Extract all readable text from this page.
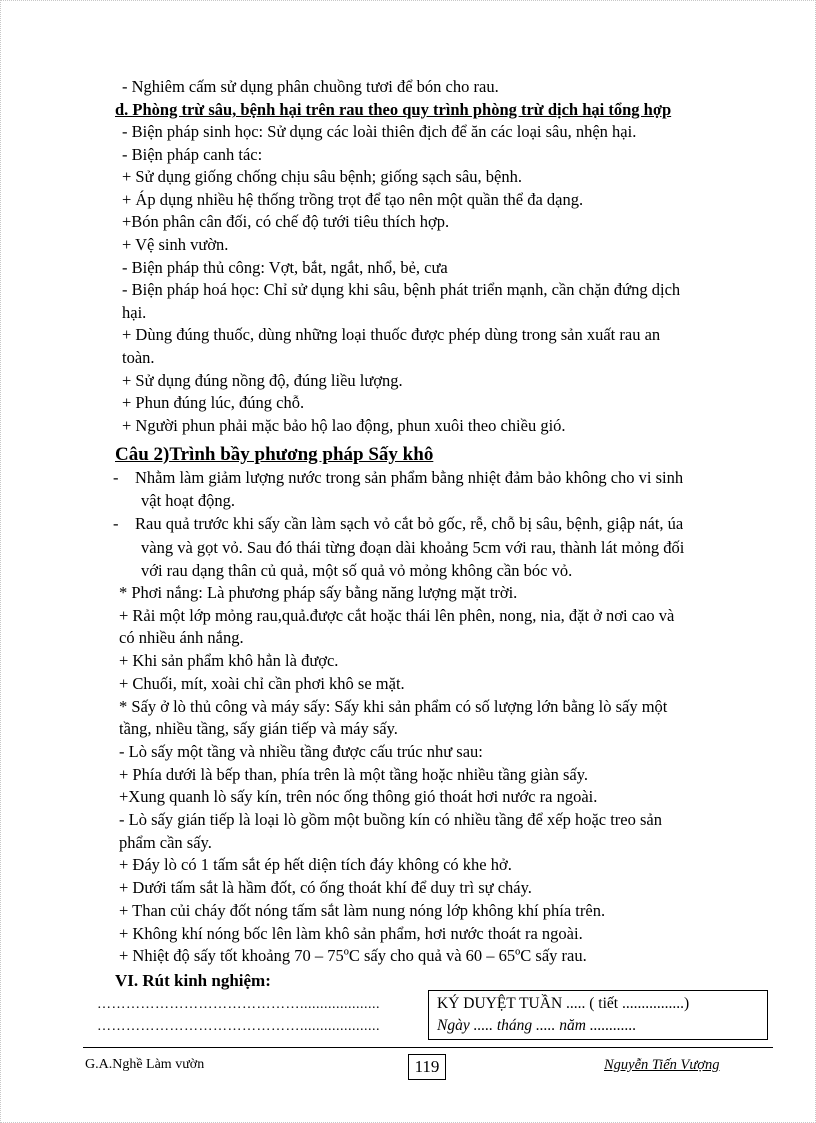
- Nghiêm cấm sử dụng phân chuồng tươi để bón cho rau.
d. Phòng trừ sâu, bệnh hại trên rau theo quy trình phòng trừ dịch hại tổng hợp
- Biện pháp sinh học: Sử dụng các loài thiên địch để ăn các loại sâu, nhện hại.
- Biện pháp canh tác:
+ Sử dụng giống chống chịu sâu bệnh; giống sạch sâu, bệnh.
+ Áp dụng nhiều hệ thống trồng trọt để tạo nên một quần thể đa dạng.
+Bón phân cân đối, có chế độ tưới tiêu thích hợp.
+ Vệ sinh vườn.
- Biện pháp thủ công: Vợt, bắt, ngắt, nhổ, bẻ, cưa
- Biện pháp hoá học: Chỉ sử dụng khi sâu, bệnh phát triển mạnh, cần chặn đứng dịch
hại.
+ Dùng đúng thuốc, dùng những loại thuốc được phép dùng trong sản xuất rau an
toàn.
+ Sử dụng đúng nồng độ, đúng liều lượng.
+ Phun đúng lúc, đúng chỗ.
+ Người phun phải mặc bảo hộ lao động, phun xuôi theo chiều gió.
Câu 2)Trình bầy phương pháp Sấy khô
- Nhằm làm giảm lượng nước trong sản phẩm bằng nhiệt đảm bảo không cho vi sinh
vật hoạt động.
- Rau quả trước khi sấy cần làm sạch vỏ cắt bỏ gốc, rễ, chỗ bị sâu, bệnh, giập nát, úa
vàng và gọt vỏ. Sau đó thái từng đoạn dài khoảng 5cm với rau, thành lát mỏng đối
với rau dạng thân củ quả, một số quả vỏ mỏng không cần bóc vỏ.
* Phơi nắng: Là phương pháp sấy bằng năng lượng mặt trời.
+ Rải một lớp mỏng rau,quả.được cắt hoặc thái lên phên, nong, nia, đặt ở nơi cao và
có nhiều ánh nắng.
+ Khi sản phẩm khô hẳn là được.
+ Chuối, mít, xoài chỉ cần phơi khô se mặt.
* Sấy ở lò thủ công và máy sấy: Sấy khi sản phẩm có số lượng lớn bằng lò sấy một
tầng, nhiều tầng, sấy gián tiếp và máy sấy.
- Lò sấy một tầng và nhiều tầng được cấu trúc như sau:
+ Phía dưới là bếp than, phía trên là một tầng hoặc nhiều tầng giàn sấy.
+Xung quanh lò sấy kín, trên nóc ống thông gió thoát hơi nước ra ngoài.
- Lò sấy gián tiếp là loại lò gồm một buồng kín có nhiều tầng để xếp hoặc treo sản
phẩm cần sấy.
+ Đáy lò có 1 tấm sắt ép hết diện tích đáy không có khe hở.
+ Dưới tấm sắt là hầm đốt, có ống thoát khí để duy trì sự cháy.
+ Than củi cháy đốt nóng tấm sắt làm nung nóng lớp không khí phía trên.
+ Không khí nóng bốc lên làm khô sản phẩm, hơi nước thoát ra ngoài.
+ Nhiệt độ sấy tốt khoảng 70 – 75ºC sấy cho quả và 60 – 65ºC sấy rau.
VI. Rút kinh nghiệm:
……………………………………....................
……………………………………....................
KÝ DUYỆT TUẦN ..... ( tiết ................)
Ngày ..... tháng ..... năm ............
G.A.Nghề Làm vườn	119	Nguyễn Tiến Vượng
